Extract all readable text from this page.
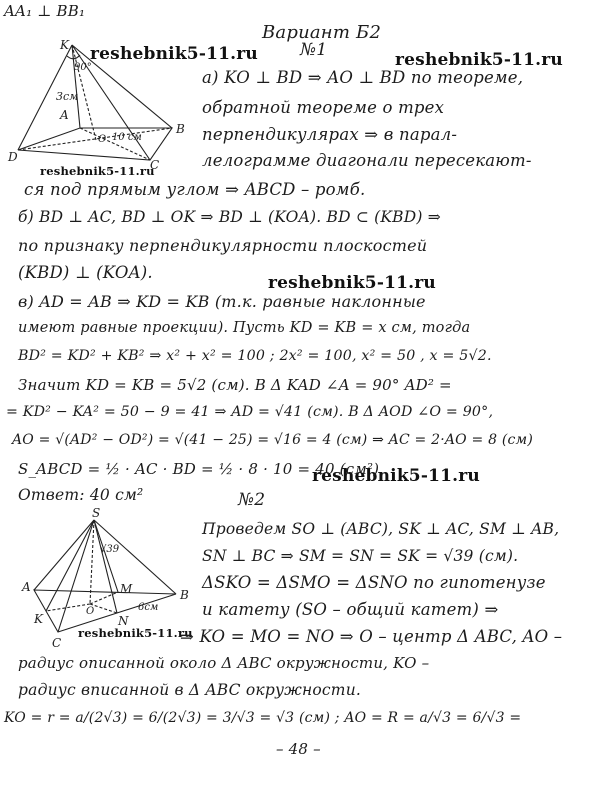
AA₁ ⊥ BB₁
Вариант Б2
reshebnik5-11.ru	reshebnik5-11.ru
reshebnik5-11.ru
reshebnik5-11.ru
reshebnik5-11.ru
reshebnik5-11.ru
№1
K
90°
3см
A
B
O 10 см
D
C
a) KO ⊥ BD ⇒ AO ⊥ BD по теореме,
обратной теореме о трех
перпендикулярах ⇒ в парал-
лелограмме диагонали пересекают-
ся под прямым углом ⇒ ABCD – ромб.
б) BD ⊥ AC, BD ⊥ OK ⇒ BD ⊥ (KOA). BD ⊂ (KBD) ⇒
по признаку перпендикулярности плоскостей
(KBD) ⊥ (KOA).
в) AD = AB ⇒ KD = KB (т.к. равные наклонные
имеют равные проекции). Пусть KD = KB = x см, тогда
BD² = KD² + KB² ⇒ x² + x² = 100 ; 2x² = 100, x² = 50 , x = 5√2.
Значит KD = KB = 5√2 (см). В Δ KAD ∠A = 90° AD² =
= KD² − KA² = 50 − 9 = 41 ⇒ AD = √41 (см). В Δ AOD ∠O = 90°,
AO = √(AD² − OD²) = √(41 − 25) = √16 = 4 (см) ⇒ AC = 2·AO = 8 (см)
S_ABCD = ½ · AC · BD = ½ · 8 · 10 = 40 (см²)
Ответ: 40 см²	№2
S
√39
A	M	B
O
K	N
6см
C
Проведем SO ⊥ (ABC), SK ⊥ AC, SM ⊥ AB,
SN ⊥ BC ⇒ SM = SN = SK = √39 (см).
ΔSKO = ΔSMO = ΔSNO по гипотенузе
и катету (SO – общий катет) ⇒
⇒ KO = MO = NO ⇒ O – центр Δ ABC, AO –
радиус описанной около Δ ABC окружности, KO –
радиус вписанной в Δ ABC окружности.
KO = r = a/(2√3) = 6/(2√3) = 3/√3 = √3 (см) ; AO = R = a/√3 = 6/√3 =
– 48 –
